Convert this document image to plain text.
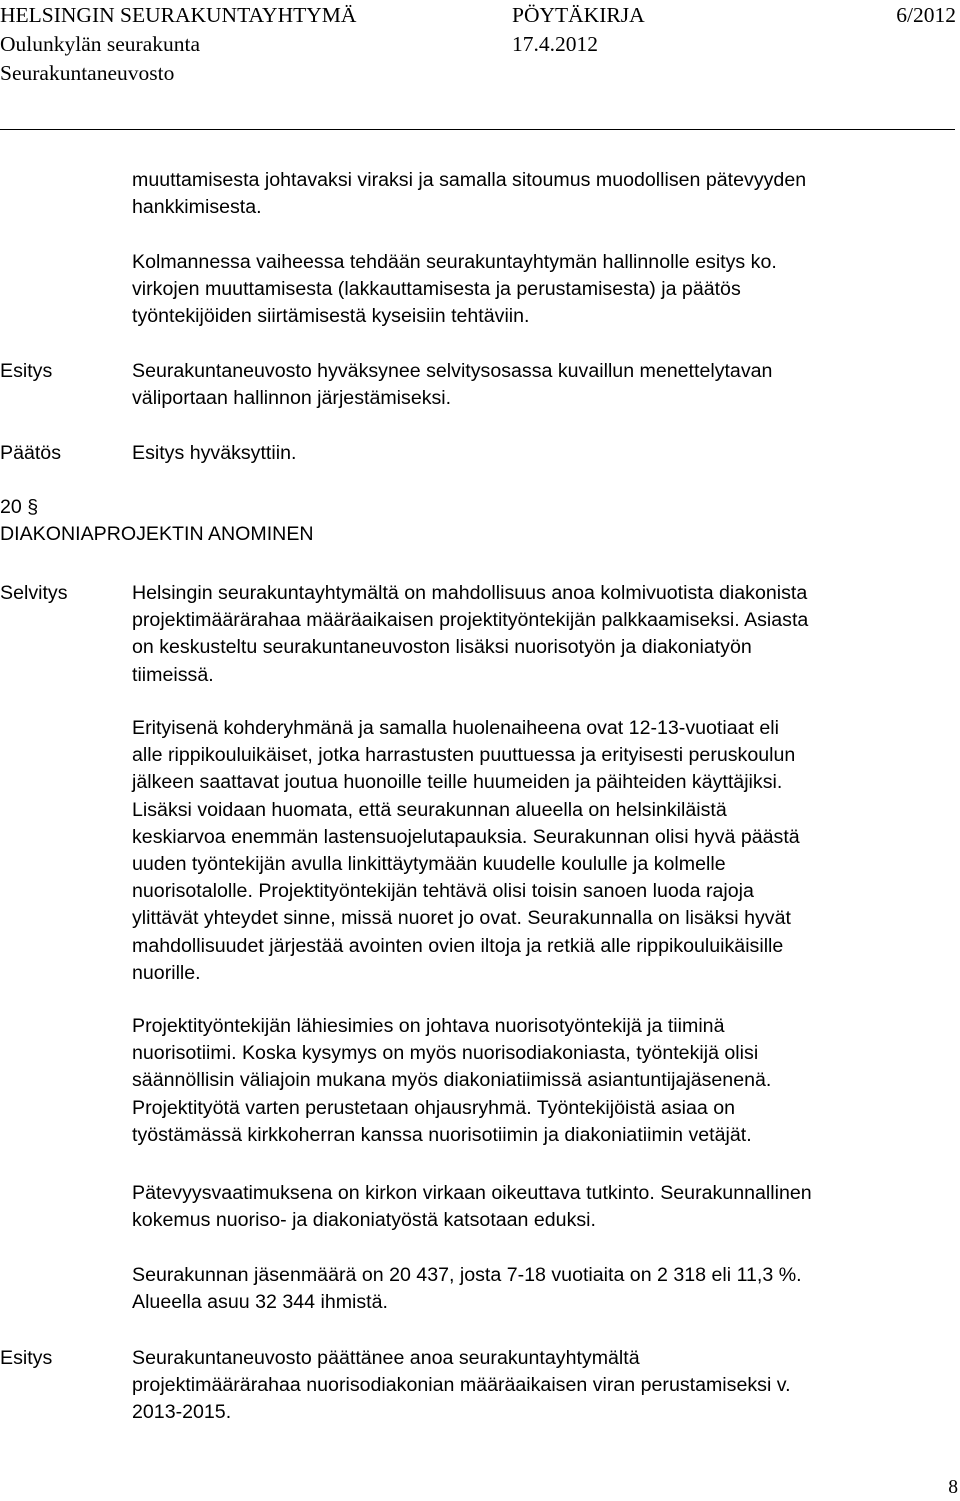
HELSINGIN SEURAKUNTAYHTYMÄ	PÖYTÄKIRJA	6/2012
Oulunkylän seurakunta	17.4.2012
Seurakuntaneuvosto
muuttamisesta johtavaksi viraksi ja samalla sitoumus muodollisen pätevyyden
hankkimisesta.
Kolmannessa vaiheessa tehdään seurakuntayhtymän hallinnolle esitys ko.
virkojen muuttamisesta (lakkauttamisesta ja perustamisesta) ja päätös
työntekijöiden siirtämisestä kyseisiin tehtäviin.
Esitys	Seurakuntaneuvosto hyväksynee selvitysosassa kuvaillun menettelytavan
väliportaan hallinnon järjestämiseksi.
Päätös	Esitys hyväksyttiin.
20 §
DIAKONIAPROJEKTIN ANOMINEN
Selvitys	Helsingin seurakuntayhtymältä on mahdollisuus anoa kolmivuotista diakonista
projektimäärärahaa määräaikaisen projektityöntekijän palkkaamiseksi. Asiasta
on keskusteltu seurakuntaneuvoston lisäksi nuorisotyön ja diakoniatyön
tiimeissä.
Erityisenä kohderyhmänä ja samalla huolenaiheena ovat 12-13-vuotiaat eli
alle rippikouluikäiset, jotka harrastusten puuttuessa ja erityisesti peruskoulun
jälkeen saattavat joutua huonoille teille huumeiden ja päihteiden käyttäjiksi.
Lisäksi voidaan huomata, että seurakunnan alueella on helsinkiläistä
keskiarvoa enemmän lastensuojelutapauksia. Seurakunnan olisi hyvä päästä
uuden työntekijän avulla linkittäytymään kuudelle koululle ja kolmelle
nuorisotalolle. Projektityöntekijän tehtävä olisi toisin sanoen luoda rajoja
ylittävät yhteydet sinne, missä nuoret jo ovat. Seurakunnalla on lisäksi hyvät
mahdollisuudet järjestää avointen ovien iltoja ja retkiä alle rippikouluikäisille
nuorille.
Projektityöntekijän lähiesimies on johtava nuorisotyöntekijä ja tiiminä
nuorisotiimi. Koska kysymys on myös nuorisodiakoniasta, työntekijä olisi
säännöllisin väliajoin mukana myös diakoniatiimissä asiantuntijajäsenenä.
Projektityötä varten perustetaan ohjausryhmä. Työntekijöistä asiaa on
työstämässä kirkkoherran kanssa nuorisotiimin ja diakoniatiimin vetäjät.
Pätevyysvaatimuksena on kirkon virkaan oikeuttava tutkinto. Seurakunnallinen
kokemus nuoriso- ja diakoniatyöstä katsotaan eduksi.
Seurakunnan jäsenmäärä on 20 437, josta 7-18 vuotiaita on 2 318 eli 11,3 %.
Alueella asuu 32 344 ihmistä.
Esitys	Seurakuntaneuvosto päättänee anoa seurakuntayhtymältä
projektimäärärahaa nuorisodiakonian määräaikaisen viran perustamiseksi v.
2013-2015.
8
